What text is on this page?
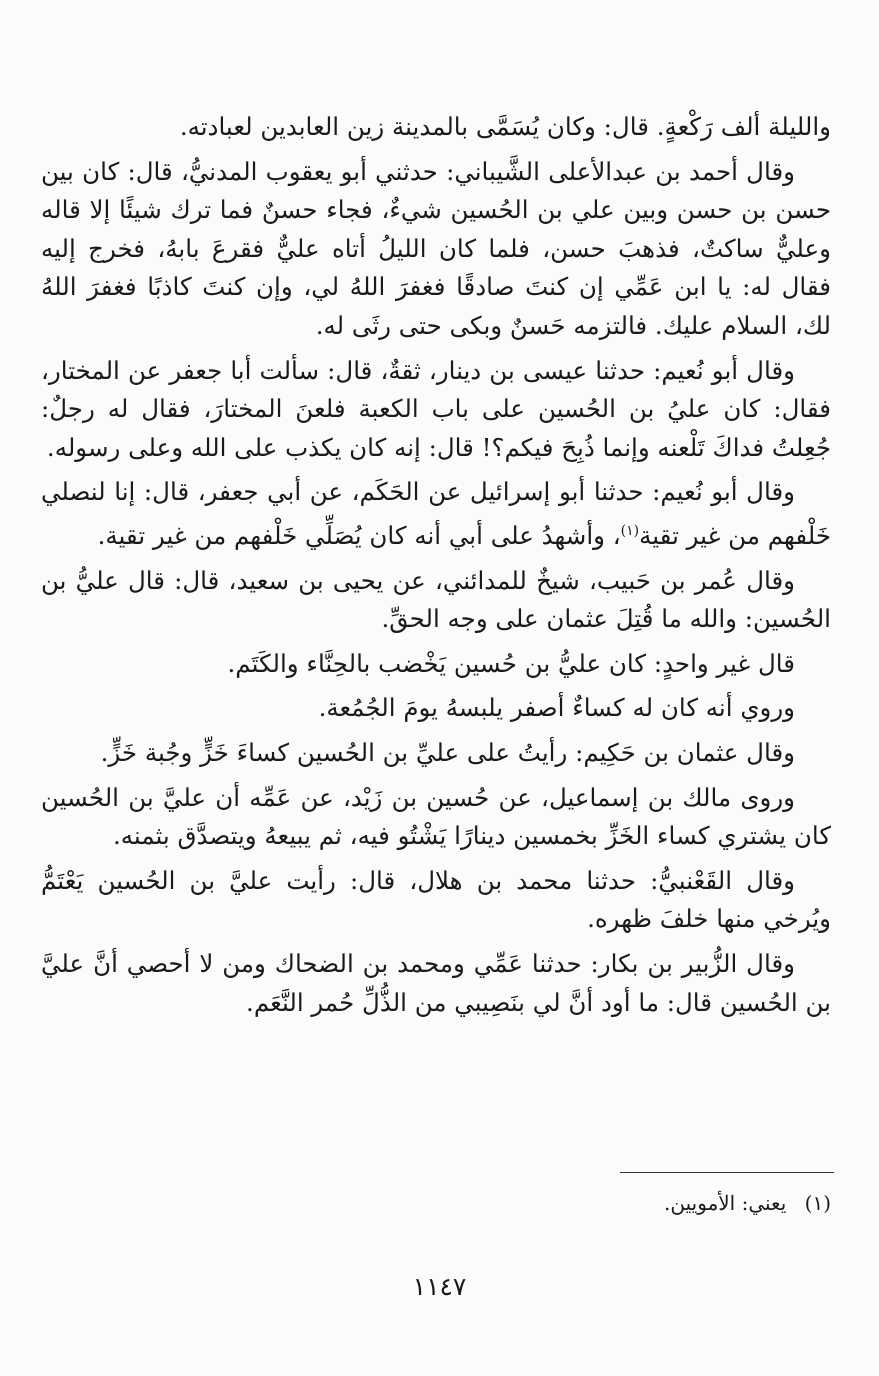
والليلة ألف رَكْعةٍ. قال: وكان يُسَمَّى بالمدينة زين العابدين لعبادته.

وقال أحمد بن عبدالأعلى الشَّيباني: حدثني أبو يعقوب المدنيُّ، قال: كان بين حسن بن حسن وبين علي بن الحُسين شيءٌ، فجاء حسنٌ فما ترك شيئًا إلا قاله وعليٌّ ساكتٌ، فذهبَ حسن، فلما كان الليلُ أتاه عليٌّ فقرعَ بابهُ، فخرج إليه فقال له: يا ابن عَمِّي إن كنتَ صادقًا فغفرَ اللهُ لي، وإن كنتَ كاذبًا فغفرَ اللهُ لك، السلام عليك. فالتزمه حَسنٌ وبكى حتى رثَى له.

وقال أبو نُعيم: حدثنا عيسى بن دينار، ثقةٌ، قال: سألت أبا جعفر عن المختار، فقال: كان عليُ بن الحُسين على باب الكعبة فلعنَ المختارَ، فقال له رجلٌ: جُعِلتُ فداكَ تَلْعنه وإنما ذُبِحَ فيكم؟! قال: إنه كان يكذب على الله وعلى رسوله.

وقال أبو نُعيم: حدثنا أبو إسرائيل عن الحَكَم، عن أبي جعفر، قال: إنا لنصلي خَلْفهم من غير تقية$^{(١)}$، وأشهدُ على أبي أنه كان يُصَلِّي خَلْفهم من غير تقية.

وقال عُمر بن حَبيب، شيخٌ للمدائني، عن يحيى بن سعيد، قال: قال عليُّ بن الحُسين: والله ما قُتِلَ عثمان على وجه الحقِّ.

قال غير واحدٍ: كان عليُّ بن حُسين يَخْضب بالحِنَّاء والكَتَم.

وروي أنه كان له كساءٌ أصفر يلبسهُ يومَ الجُمُعة.

وقال عثمان بن حَكِيم: رأيتُ على عليِّ بن الحُسين كساءَ خَزٍّ وجُبة خَزٍّ.

وروى مالك بن إسماعيل، عن حُسين بن زَيْد، عن عَمِّه أن عليَّ بن الحُسين كان يشتري كساء الخَزِّ بخمسين دينارًا يَشْتُو فيه، ثم يبيعهُ ويتصدَّق بثمنه.

وقال القَعْنبيُّ: حدثنا محمد بن هلال، قال: رأيت عليَّ بن الحُسين يَعْتَمُّ ويُرخي منها خلفَ ظهره.

وقال الزُّبير بن بكار: حدثنا عَمِّي ومحمد بن الضحاك ومن لا أحصي أنَّ عليَّ بن الحُسين قال: ما أود أنَّ لي بنَصِيبي من الذُّلِّ حُمر النَّعَم.

(١) يعني: الأمويين.
١١٤٧
